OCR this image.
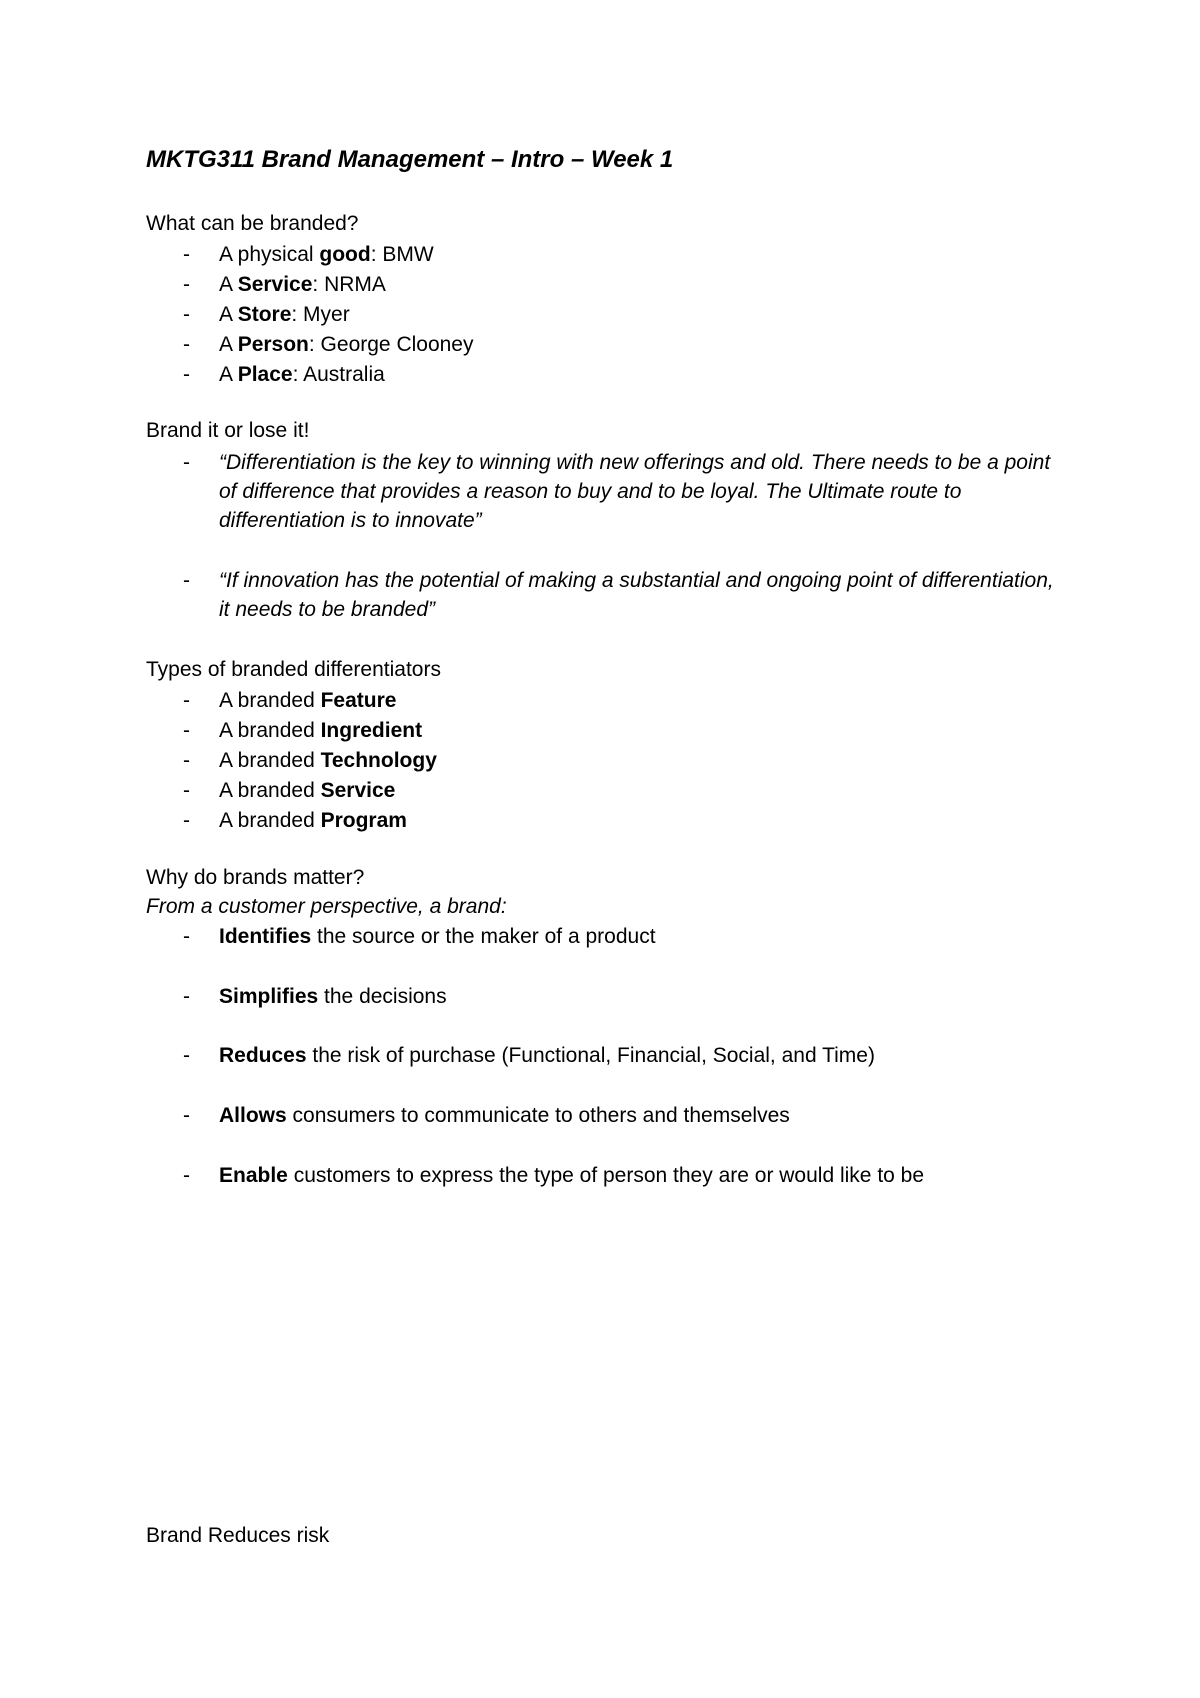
MKTG311 Brand Management – Intro – Week 1
What can be branded?
- A physical good: BMW
- A Service: NRMA
- A Store: Myer
- A Person: George Clooney
- A Place: Australia
Brand it or lose it!
- “Differentiation is the key to winning with new offerings and old. There needs to be a point of difference that provides a reason to buy and to be loyal. The Ultimate route to differentiation is to innovate”
- “If innovation has the potential of making a substantial and ongoing point of differentiation, it needs to be branded”
Types of branded differentiators
- A branded Feature
- A branded Ingredient
- A branded Technology
- A branded Service
- A branded Program
Why do brands matter?
From a customer perspective, a brand:
- Identifies the source or the maker of a product
- Simplifies the decisions
- Reduces the risk of purchase (Functional, Financial, Social, and Time)
- Allows consumers to communicate to others and themselves
- Enable customers to express the type of person they are or would like to be
Brand Reduces risk
